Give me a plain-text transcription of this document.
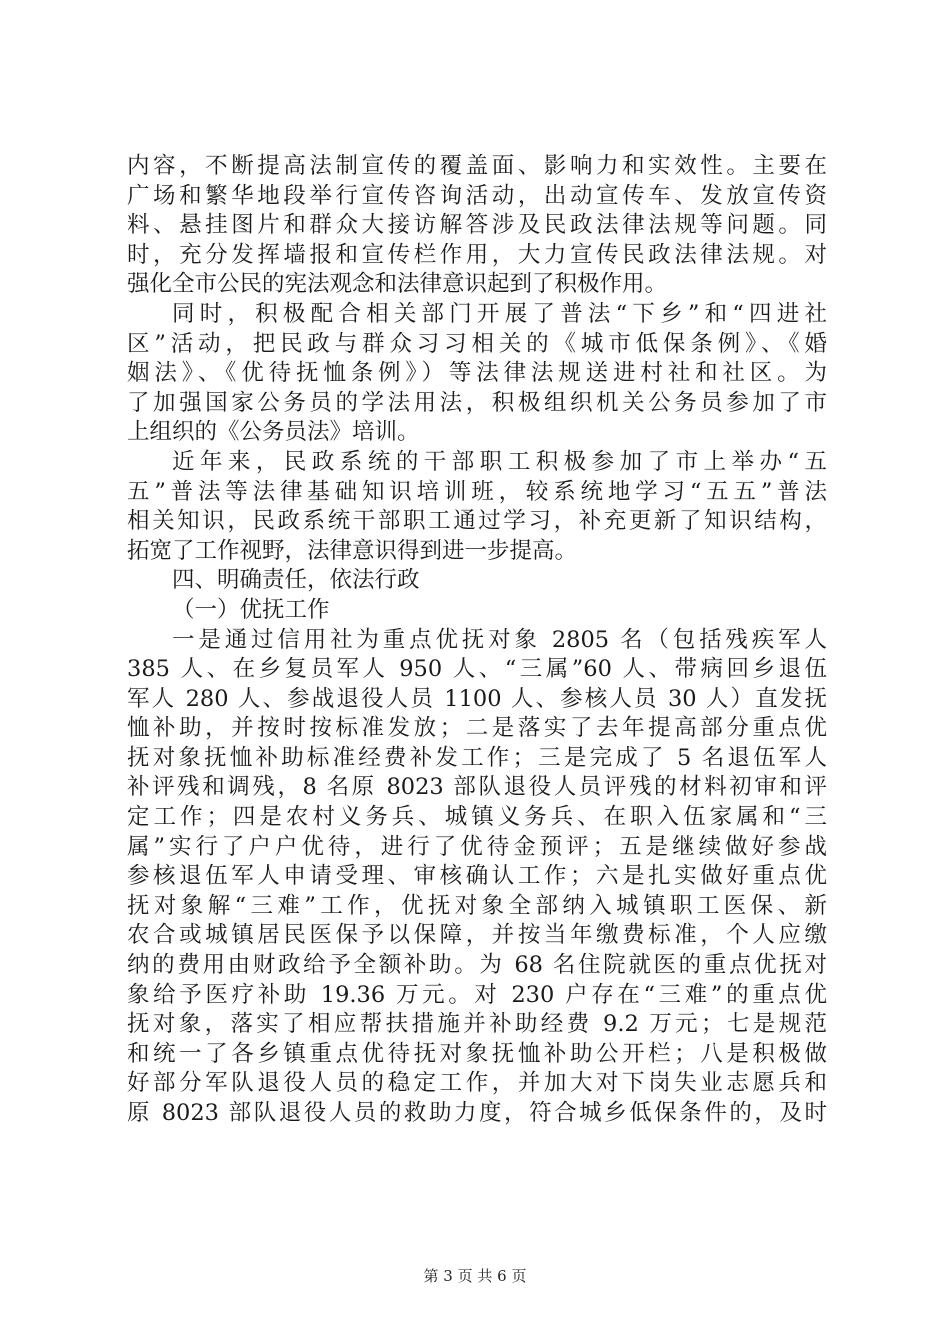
内容，不断提高法制宣传的覆盖面、影响力和实效性。主要在
广场和繁华地段举行宣传咨询活动，出动宣传车、发放宣传资
料、悬挂图片和群众大接访解答涉及民政法律法规等问题。同
时，充分发挥墙报和宣传栏作用，大力宣传民政法律法规。对
强化全市公民的宪法观念和法律意识起到了积极作用。
同时，积极配合相关部门开展了普法“下乡”和“四进社
区”活动，把民政与群众习习相关的《城市低保条例》、《婚
姻法》、《优待抚恤条例》）等法律法规送进村社和社区。为
了加强国家公务员的学法用法，积极组织机关公务员参加了市
上组织的《公务员法》培训。
近年来，民政系统的干部职工积极参加了市上举办“五
五”普法等法律基础知识培训班，较系统地学习“五五”普法
相关知识，民政系统干部职工通过学习，补充更新了知识结构，
拓宽了工作视野，法律意识得到进一步提高。
四、明确责任，依法行政
（一）优抚工作
一是通过信用社为重点优抚对象 2805 名（包括残疾军人
385 人、在乡复员军人 950 人、“三属”60 人、带病回乡退伍
军人 280 人、参战退役人员 1100 人、参核人员 30 人）直发抚
恤补助，并按时按标准发放；二是落实了去年提高部分重点优
抚对象抚恤补助标准经费补发工作；三是完成了 5 名退伍军人
补评残和调残，8 名原 8023 部队退役人员评残的材料初审和评
定工作；四是农村义务兵、城镇义务兵、在职入伍家属和“三
属”实行了户户优待，进行了优待金预评；五是继续做好参战
参核退伍军人申请受理、审核确认工作；六是扎实做好重点优
抚对象解“三难”工作，优抚对象全部纳入城镇职工医保、新
农合或城镇居民医保予以保障，并按当年缴费标准，个人应缴
纳的费用由财政给予全额补助。为 68 名住院就医的重点优抚对
象给予医疗补助 19.36 万元。对 230 户存在“三难”的重点优
抚对象，落实了相应帮扶措施并补助经费 9.2 万元；七是规范
和统一了各乡镇重点优待抚对象抚恤补助公开栏；八是积极做
好部分军队退役人员的稳定工作，并加大对下岗失业志愿兵和
原 8023 部队退役人员的救助力度，符合城乡低保条件的，及时
第 3 页 共 6 页
